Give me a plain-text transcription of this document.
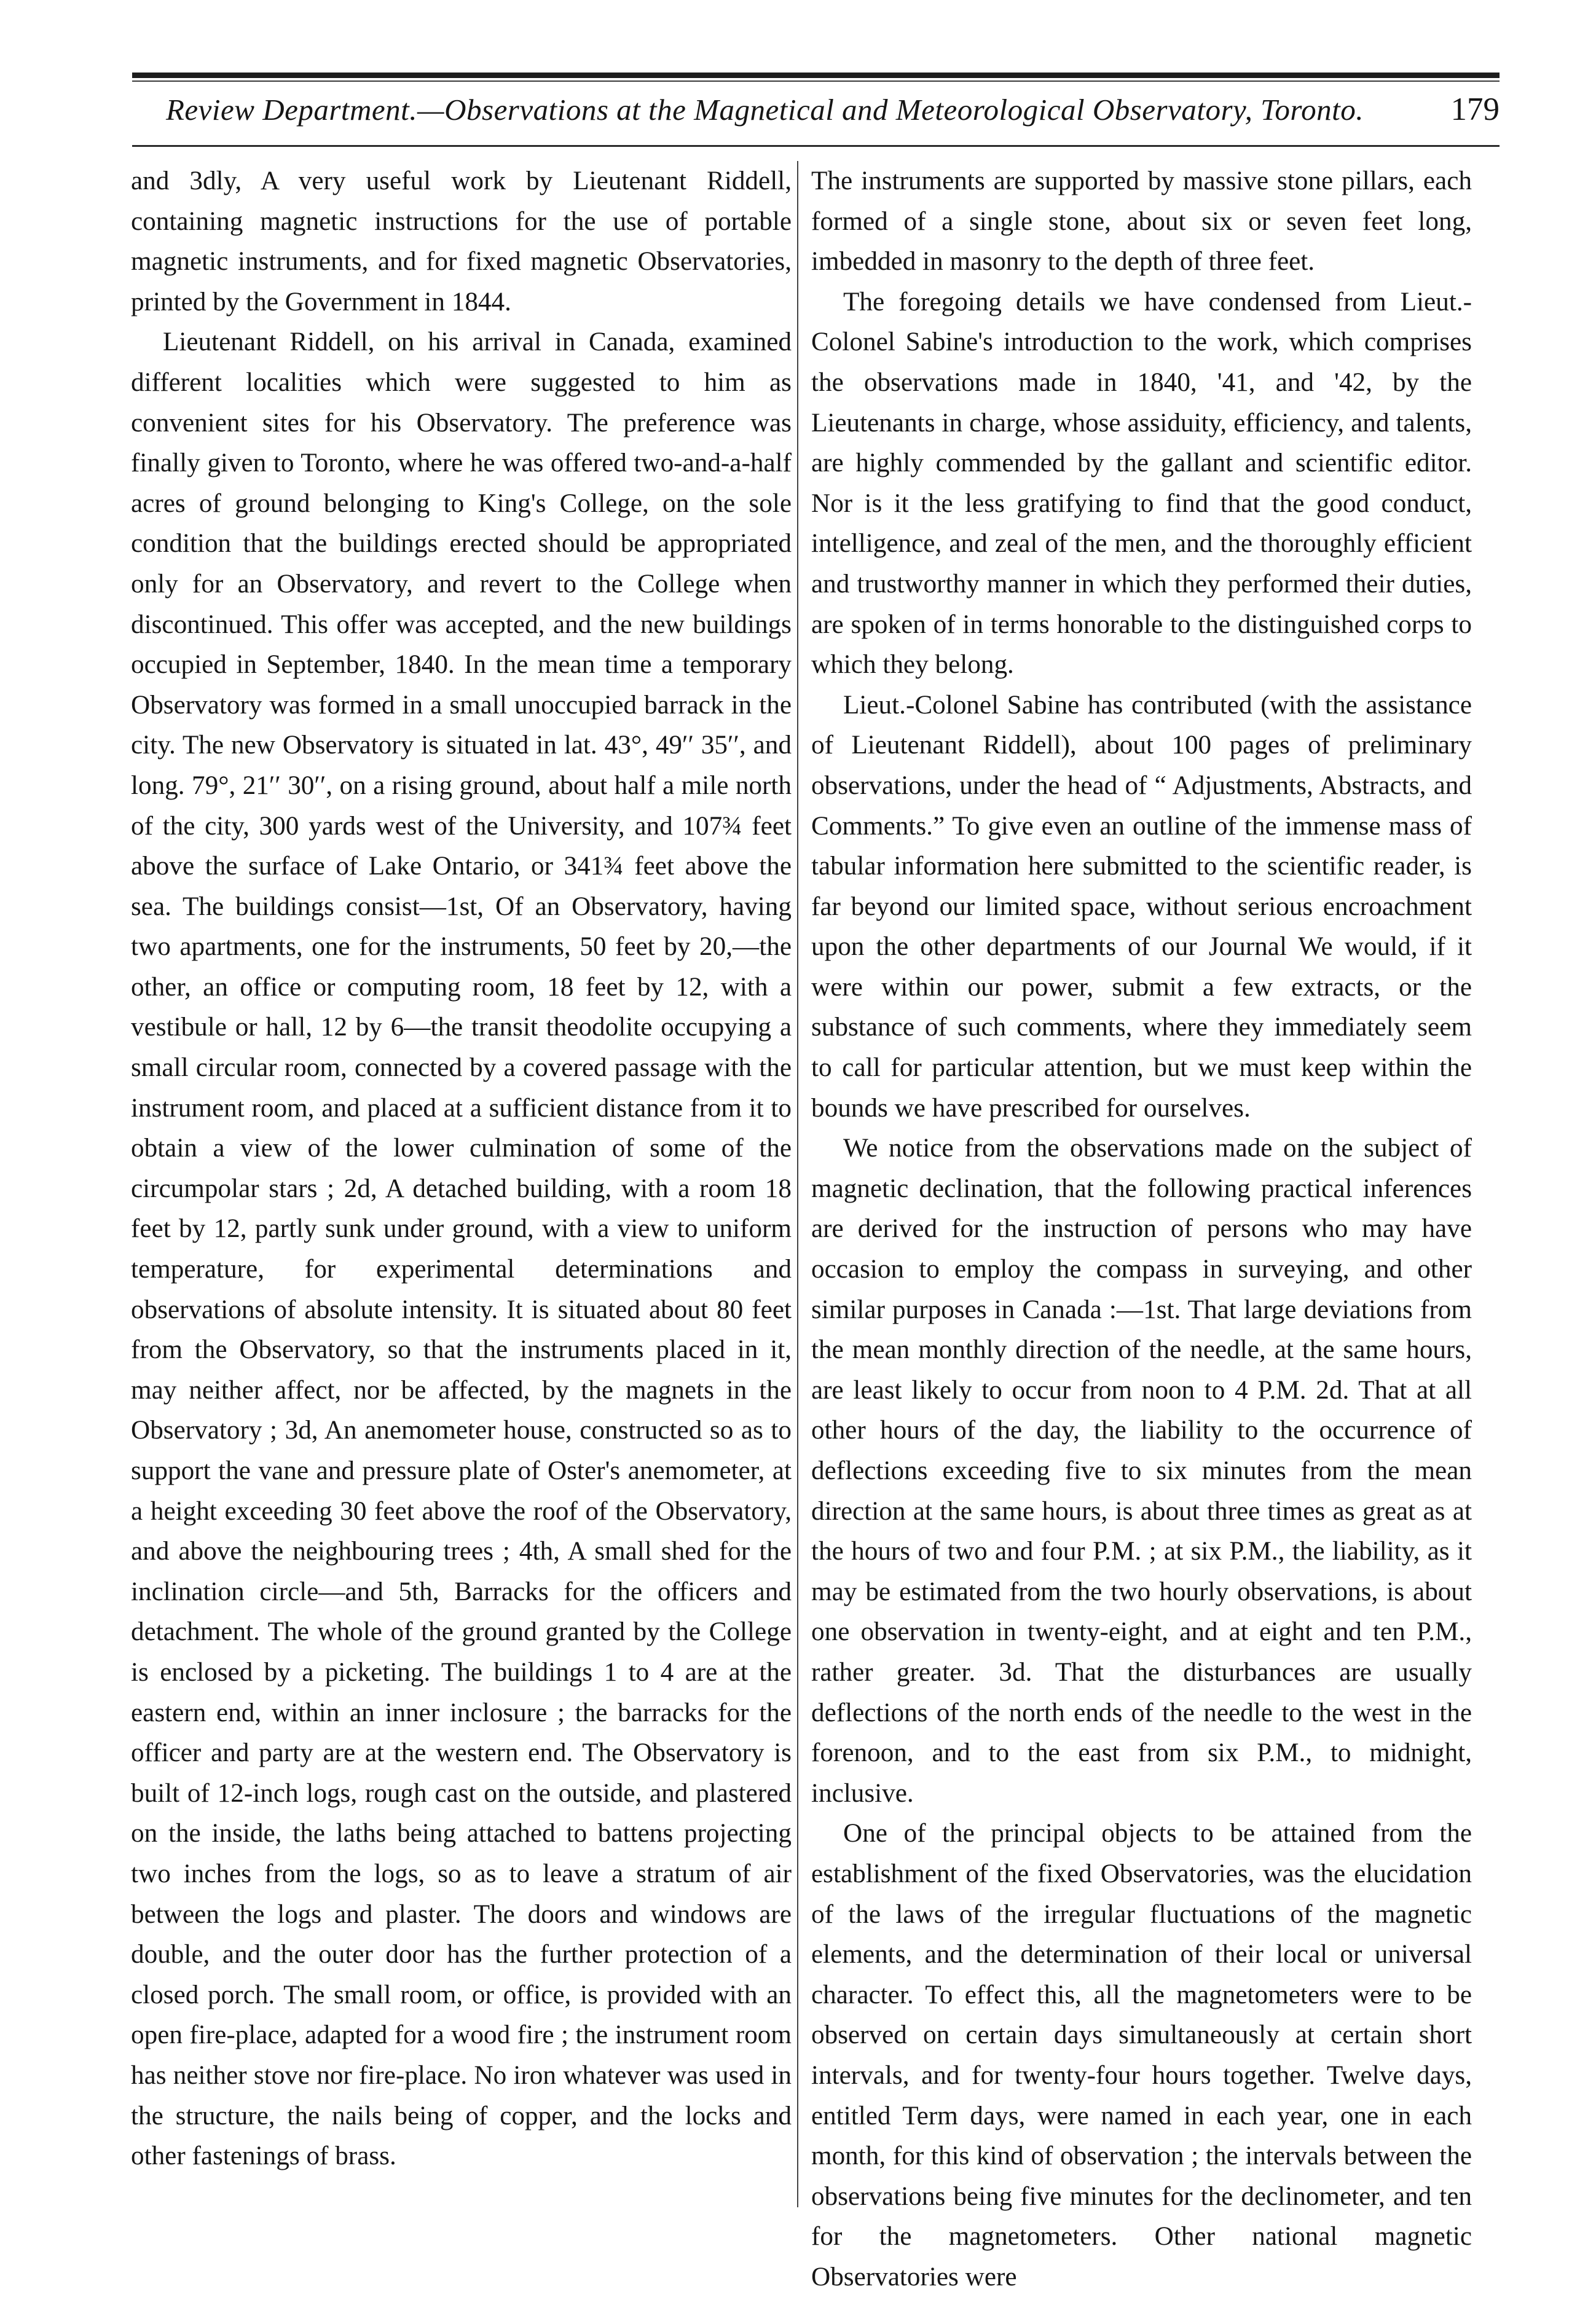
Review Department.—Observations at the Magnetical and Meteorological Observatory, Toronto.	179

and 3dly, A very useful work by Lieutenant Riddell, containing magnetic instructions for the use of portable magnetic instruments, and for fixed magnetic Observatories, printed by the Government in 1844.

Lieutenant Riddell, on his arrival in Canada, examined different localities which were suggested to him as convenient sites for his Observatory. The preference was finally given to Toronto, where he was offered two-and-a-half acres of ground belonging to King's College, on the sole condition that the buildings erected should be appropriated only for an Observatory, and revert to the College when discontinued. This offer was accepted, and the new buildings occupied in September, 1840. In the mean time a temporary Observatory was formed in a small unoccupied barrack in the city. The new Observatory is situated in lat. 43°, 49′′ 35′′, and long. 79°, 21′′ 30′′, on a rising ground, about half a mile north of the city, 300 yards west of the University, and 107¾ feet above the surface of Lake Ontario, or 341¾ feet above the sea. The buildings consist—1st, Of an Observatory, having two apartments, one for the instruments, 50 feet by 20,—the other, an office or computing room, 18 feet by 12, with a vestibule or hall, 12 by 6—the transit theodolite occupying a small circular room, connected by a covered passage with the instrument room, and placed at a sufficient distance from it to obtain a view of the lower culmination of some of the circumpolar stars ; 2d, A detached building, with a room 18 feet by 12, partly sunk under ground, with a view to uniform temperature, for experimental determinations and observations of absolute intensity. It is situated about 80 feet from the Observatory, so that the instruments placed in it, may neither affect, nor be affected, by the magnets in the Observatory ; 3d, An anemometer house, constructed so as to support the vane and pressure plate of Oster's anemometer, at a height exceeding 30 feet above the roof of the Observatory, and above the neighbouring trees ; 4th, A small shed for the inclination circle—and 5th, Barracks for the officers and detachment. The whole of the ground granted by the College is enclosed by a picketing. The buildings 1 to 4 are at the eastern end, within an inner inclosure ; the barracks for the officer and party are at the western end. The Observatory is built of 12-inch logs, rough cast on the outside, and plastered on the inside, the laths being attached to battens projecting two inches from the logs, so as to leave a stratum of air between the logs and plaster. The doors and windows are double, and the outer door has the further protection of a closed porch. The small room, or office, is provided with an open fire-place, adapted for a wood fire ; the instrument room has neither stove nor fire-place. No iron whatever was used in the structure, the nails being of copper, and the locks and other fastenings of brass.

The instruments are supported by massive stone pillars, each formed of a single stone, about six or seven feet long, imbedded in masonry to the depth of three feet.

The foregoing details we have condensed from Lieut.-Colonel Sabine's introduction to the work, which comprises the observations made in 1840, '41, and '42, by the Lieutenants in charge, whose assiduity, efficiency, and talents, are highly commended by the gallant and scientific editor. Nor is it the less gratifying to find that the good conduct, intelligence, and zeal of the men, and the thoroughly efficient and trustworthy manner in which they performed their duties, are spoken of in terms honorable to the distinguished corps to which they belong.

Lieut.-Colonel Sabine has contributed (with the assistance of Lieutenant Riddell), about 100 pages of preliminary observations, under the head of “ Adjustments, Abstracts, and Comments.” To give even an outline of the immense mass of tabular information here submitted to the scientific reader, is far beyond our limited space, without serious encroachment upon the other departments of our Journal We would, if it were within our power, submit a few extracts, or the substance of such comments, where they immediately seem to call for particular attention, but we must keep within the bounds we have prescribed for ourselves.

We notice from the observations made on the subject of magnetic declination, that the following practical inferences are derived for the instruction of persons who may have occasion to employ the compass in surveying, and other similar purposes in Canada :—1st. That large deviations from the mean monthly direction of the needle, at the same hours, are least likely to occur from noon to 4 P.M. 2d. That at all other hours of the day, the liability to the occurrence of deflections exceeding five to six minutes from the mean direction at the same hours, is about three times as great as at the hours of two and four P.M. ; at six P.M., the liability, as it may be estimated from the two hourly observations, is about one observation in twenty-eight, and at eight and ten P.M., rather greater. 3d. That the disturbances are usually deflections of the north ends of the needle to the west in the forenoon, and to the east from six P.M., to midnight, inclusive.

One of the principal objects to be attained from the establishment of the fixed Observatories, was the elucidation of the laws of the irregular fluctuations of the magnetic elements, and the determination of their local or universal character. To effect this, all the magnetometers were to be observed on certain days simultaneously at certain short intervals, and for twenty-four hours together. Twelve days, entitled Term days, were named in each year, one in each month, for this kind of observation ; the intervals between the observations being five minutes for the declinometer, and ten for the magnetometers. Other national magnetic Observatories were
